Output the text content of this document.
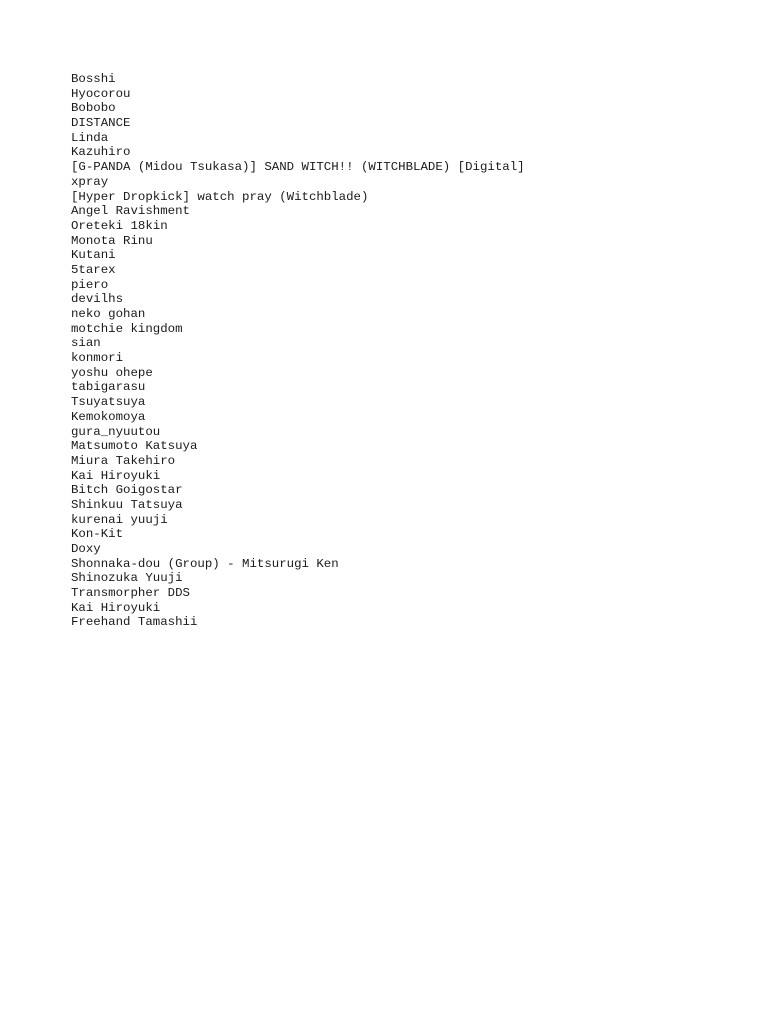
Bosshi
Hyocorou
Bobobo
DISTANCE
Linda
Kazuhiro
[G-PANDA (Midou Tsukasa)] SAND WITCH!! (WITCHBLADE) [Digital]
xpray
[Hyper Dropkick] watch pray (Witchblade)
Angel Ravishment
Oreteki 18kin
Monota Rinu
Kutani
5tarex
piero
devilhs
neko gohan
motchie kingdom
sian
konmori
yoshu ohepe
tabigarasu
Tsuyatsuya
Kemokomoya
gura_nyuutou
Matsumoto Katsuya
Miura Takehiro
Kai Hiroyuki
Bitch Goigostar
Shinkuu Tatsuya
kurenai yuuji
Kon-Kit
Doxy
Shonnaka-dou (Group) - Mitsurugi Ken
Shinozuka Yuuji
Transmorpher DDS
Kai Hiroyuki
Freehand Tamashii
